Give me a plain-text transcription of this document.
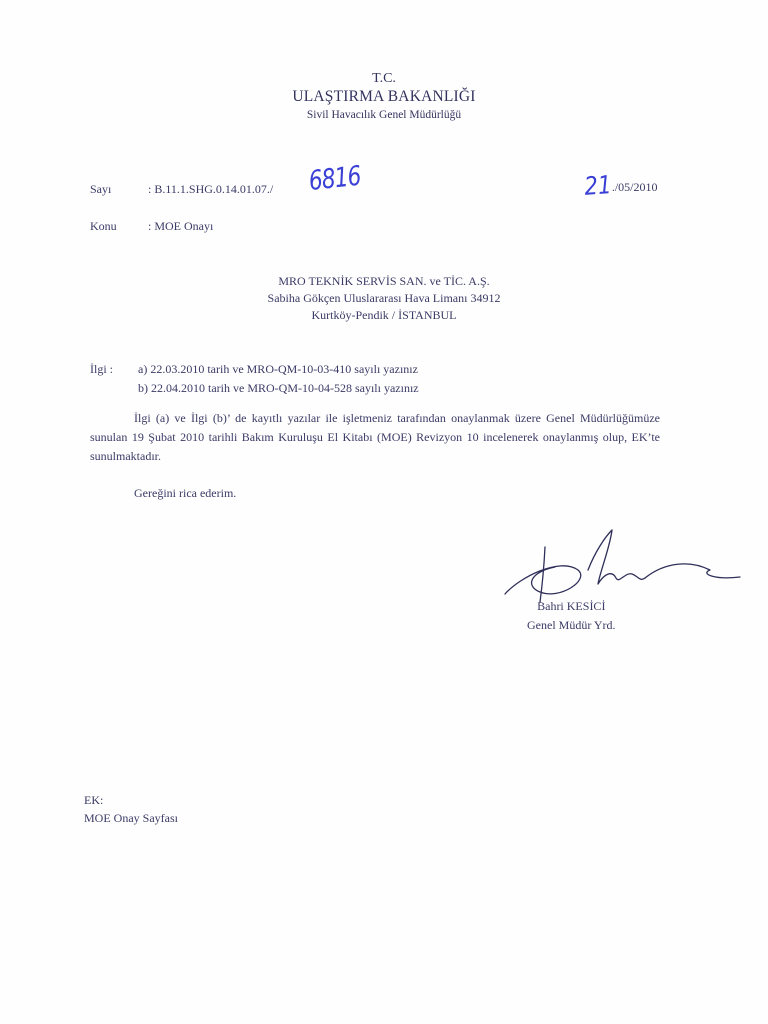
T.C.
ULAŞTIRMA BAKANLIĞI
Sivil Havacılık Genel Müdürlüğü
Sayı	: B.11.1.SHG.0.14.01.07./ 6816	21./05/2010
Konu	: MOE Onayı
MRO TEKNİK SERVİS SAN. ve TİC. A.Ş.
Sabiha Gökçen Uluslararası Hava Limanı 34912
Kurtköy-Pendik / İSTANBUL
İlgi :	a) 22.03.2010 tarih ve MRO-QM-10-03-410 sayılı yazınız
b) 22.04.2010 tarih ve MRO-QM-10-04-528 sayılı yazınız
İlgi (a) ve İlgi (b)’ de kayıtlı yazılar ile işletmeniz tarafından onaylanmak üzere Genel Müdürlüğümüze sunulan 19 Şubat 2010 tarihli Bakım Kuruluşu El Kitabı (MOE) Revizyon 10 incelenerek onaylanmış olup, EK’te sunulmaktadır.
Gereğini rica ederim.
Bahri KESİCİ
Genel Müdür Yrd.
EK:
MOE Onay Sayfası
